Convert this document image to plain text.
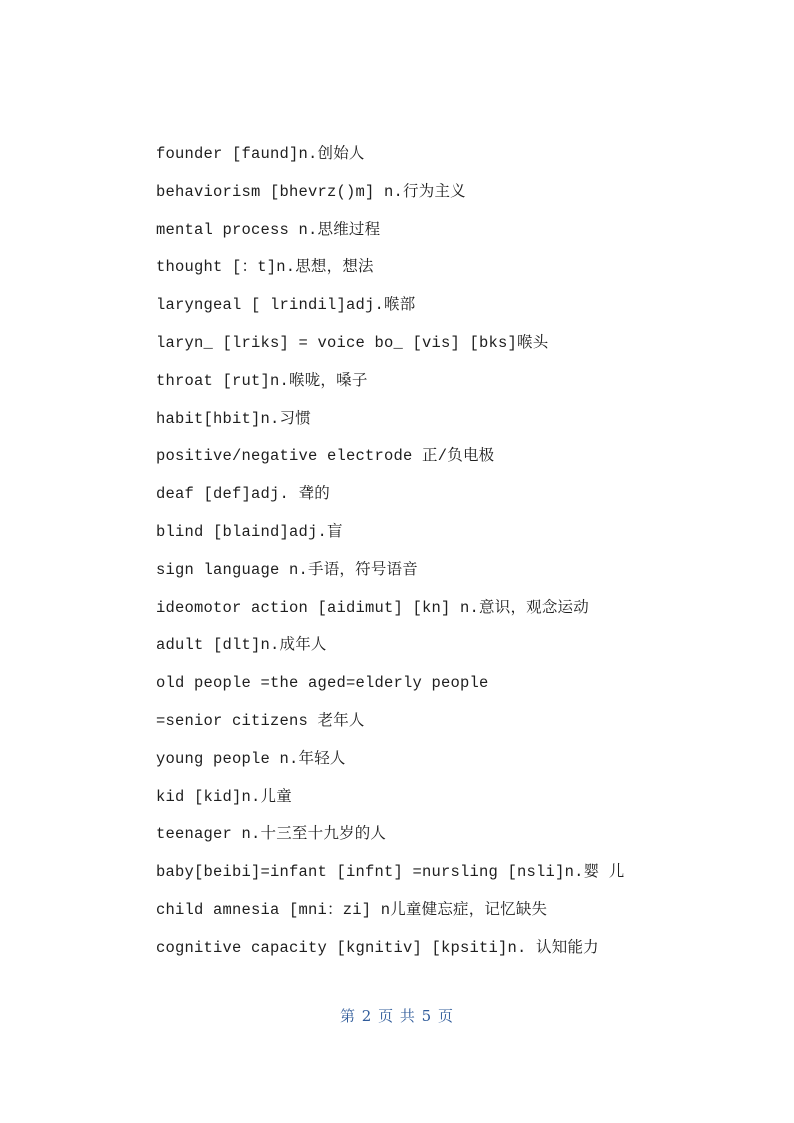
founder [faund]n.创始人
behaviorism [bhevrz()m] n.行为主义
mental process n.思维过程
thought [：t]n.思想，想法
laryngeal [ lrindil]adj.喉部
laryn_ [lriks] = voice bo_ [vis] [bks]喉头
throat [rut]n.喉咙，嗓子
habit[hbit]n.习惯
positive/negative electrode 正/负电极
deaf [def]adj. 聋的
blind [blaind]adj.盲
sign language n.手语，符号语音
ideomotor action [aidimut] [kn] n.意识，观念运动
adult [dlt]n.成年人
old people =the aged=elderly people
=senior citizens 老年人
young people n.年轻人
kid [kid]n.儿童
teenager n.十三至十九岁的人
baby[beibi]=infant [infnt] =nursling [nsli]n.婴 儿
child amnesia [mni：zi] n儿童健忘症，记忆缺失
cognitive capacity [kgnitiv] [kpsiti]n. 认知能力
第 2 页 共 5 页
